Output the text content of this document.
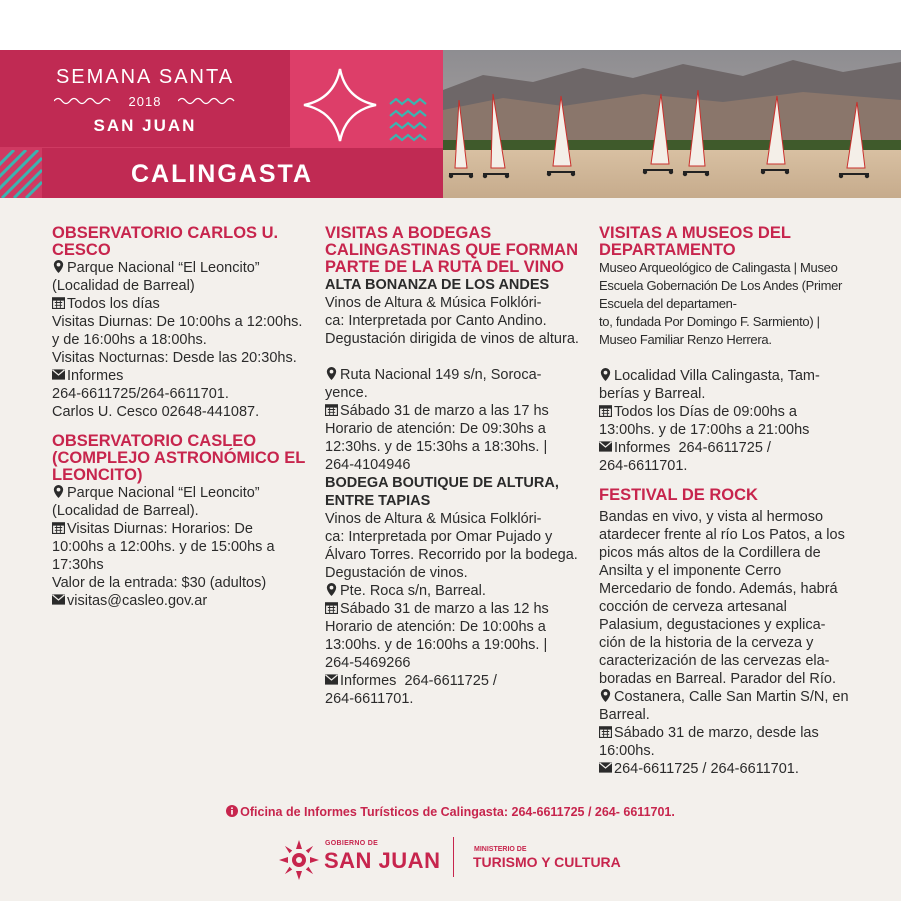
SEMANA SANTA
2018
SAN JUAN
CALINGASTA
OBSERVATORIO CARLOS U. CESCO
Parque Nacional “El Leoncito” (Localidad de Barreal)
Todos los días
Visitas Diurnas: De 10:00hs a 12:00hs. y de 16:00hs a 18:00hs.
Visitas Nocturnas: Desde las 20:30hs.
Informes
264-6611725/264-6611701.
Carlos U. Cesco 02648-441087.
OBSERVATORIO CASLEO (COMPLEJO ASTRONÓMICO EL LEONCITO)
Parque Nacional “El Leoncito” (Localidad de Barreal).
Visitas Diurnas: Horarios: De 10:00hs a 12:00hs. y de 15:00hs a 17:30hs
Valor de la entrada: $30 (adultos)
visitas@casleo.gov.ar
VISITAS A BODEGAS CALINGASTINAS QUE FORMAN PARTE DE LA RUTA DEL VINO
ALTA BONANZA DE LOS ANDES
Vinos de Altura & Música Folklóri-
ca: Interpretada por Canto Andino. Degustación dirigida de vinos de altura.

Ruta Nacional 149 s/n, Soroca-
yence.

Sábado 31 de marzo a las 17 hs
Horario de atención: De 09:30hs a 12:30hs. y de 15:30hs a 18:30hs. | 264-4104946
BODEGA BOUTIQUE DE ALTURA, ENTRE TAPIAS
Vinos de Altura & Música Folklóri-
ca: Interpretada por Omar Pujado y Álvaro Torres. Recorrido por la bodega. Degustación de vinos.
Pte. Roca s/n, Barreal.
Sábado 31 de marzo a las 12 hs
Horario de atención: De 10:00hs a 13:00hs. y de 16:00hs a 19:00hs. | 264-5469266
Informes 264-6611725 /
264-6611701.
VISITAS A MUSEOS DEL DEPARTAMENTO
Museo Arqueológico de Calingasta | Museo Escuela Gobernación De Los Andes (Primer Escuela del departamen-
to, fundada Por Domingo F. Sarmiento) | Museo Familiar Renzo Herrera.

Localidad Villa Calingasta, Tam-
berías y Barreal.

Todos los Días de 09:00hs a 13:00hs. y de 17:00hs a 21:00hs
Informes 264-6611725 /
264-6611701.
FESTIVAL DE ROCK
Bandas en vivo, y vista al hermoso atardecer frente al río Los Patos, a los picos más altos de la Cordillera de Ansilta y el imponente Cerro Mercedario de fondo. Además, habrá cocción de cerveza artesanal Palasium, degustaciones y explica-
ción de la historia de la cerveza y caracterización de las cervezas ela-
boradas en Barreal. Parador del Río.
Costanera, Calle San Martin S/N, en Barreal.
Sábado 31 de marzo, desde las 16:00hs.
264-6611725 / 264-6611701.
Oficina de Informes Turísticos de Calingasta: 264-6611725 / 264- 6611701.
GOBIERNO DE
SAN JUAN	MINISTERIO DE
TURISMO Y CULTURA
